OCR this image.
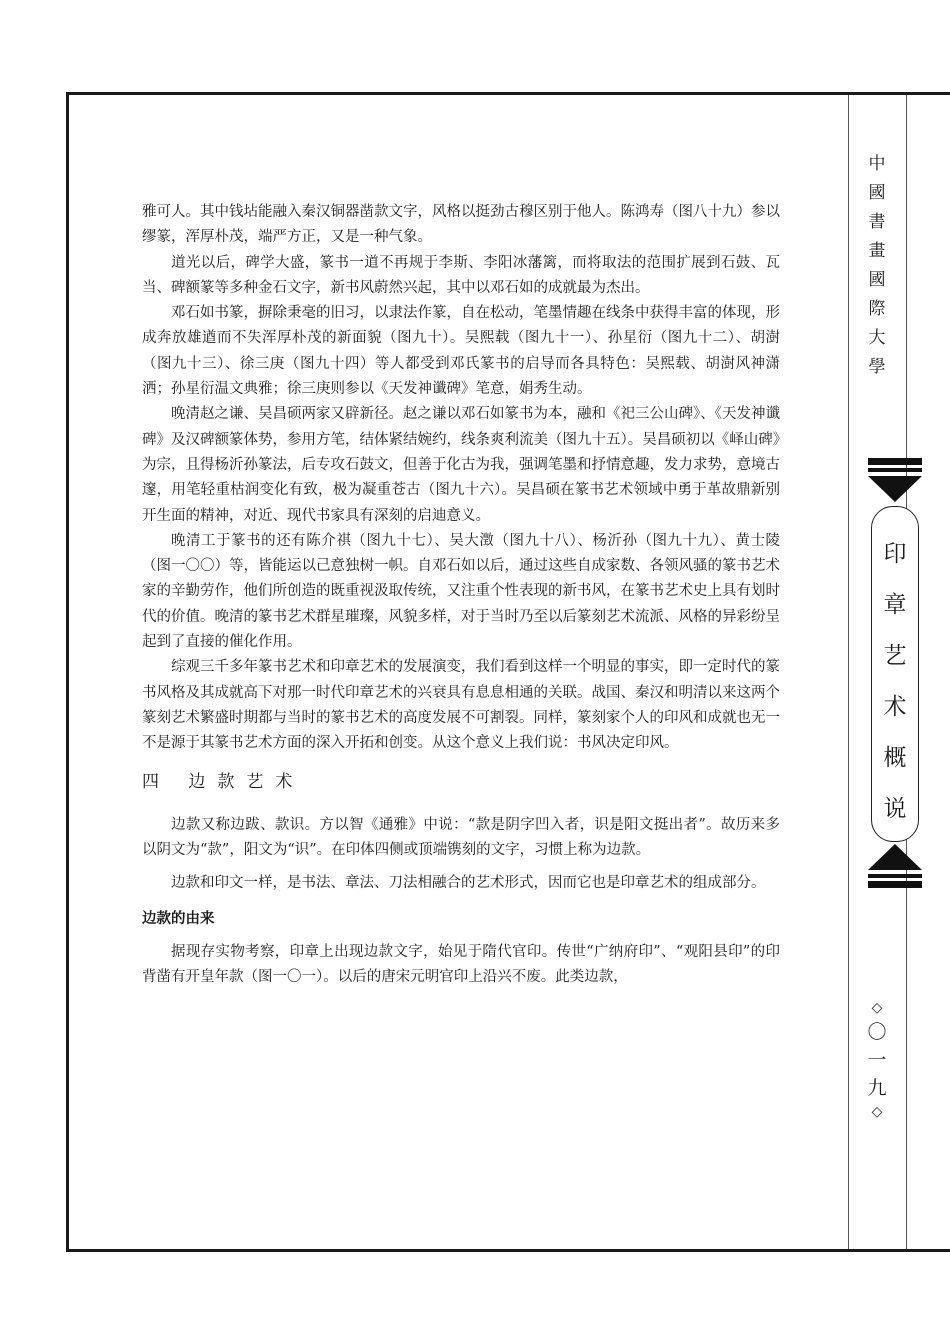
中
國
書
畫
國
際
大
學
印
章
艺
术
概
说
◇
〇
一
九
◇

雅可人。其中钱坫能融入秦汉铜器凿款文字，风格以挺劲古穆区别于他人。陈鸿寿（图八十九）参以缪篆，浑厚朴茂，端严方正，又是一种气象。

道光以后，碑学大盛，篆书一道不再规于李斯、李阳冰藩篱，而将取法的范围扩展到石鼓、瓦当、碑额篆等多种金石文字，新书风蔚然兴起，其中以邓石如的成就最为杰出。

邓石如书篆，摒除秉毫的旧习，以隶法作篆，自在松动，笔墨情趣在线条中获得丰富的体现，形成奔放雄遒而不失浑厚朴茂的新面貌（图九十）。吴熙载（图九十一）、孙星衍（图九十二）、胡澍（图九十三）、徐三庚（图九十四）等人都受到邓氏篆书的启导而各具特色：吴熙载、胡澍风神潇洒；孙星衍温文典雅；徐三庚则参以《天发神谶碑》笔意，娟秀生动。

晚清赵之谦、吴昌硕两家又辟新径。赵之谦以邓石如篆书为本，融和《祀三公山碑》、《天发神谶碑》及汉碑额篆体势，参用方笔，结体紧结婉约，线条爽利流美（图九十五）。吴昌硕初以《峄山碑》为宗，且得杨沂孙篆法，后专攻石鼓文，但善于化古为我，强调笔墨和抒情意趣，发力求势，意境古邃，用笔轻重枯润变化有致，极为凝重苍古（图九十六）。吴昌硕在篆书艺术领域中勇于革故鼎新别开生面的精神，对近、现代书家具有深刻的启迪意义。

晚清工于篆书的还有陈介祺（图九十七）、吴大澂（图九十八）、杨沂孙（图九十九）、黄士陵（图一〇〇）等，皆能运以己意独树一帜。自邓石如以后，通过这些自成家数、各领风骚的篆书艺术家的辛勤劳作，他们所创造的既重视汲取传统，又注重个性表现的新书风，在篆书艺术史上具有划时代的价值。晚清的篆书艺术群星璀璨，风貌多样，对于当时乃至以后篆刻艺术流派、风格的异彩纷呈起到了直接的催化作用。

综观三千多年篆书艺术和印章艺术的发展演变，我们看到这样一个明显的事实，即一定时代的篆书风格及其成就高下对那一时代印章艺术的兴衰具有息息相通的关联。战国、秦汉和明清以来这两个篆刻艺术繁盛时期都与当时的篆书艺术的高度发展不可割裂。同样，篆刻家个人的印风和成就也无一不是源于其篆书艺术方面的深入开拓和创变。从这个意义上我们说：书风决定印风。

四 边款艺术

边款又称边跋、款识。方以智《通雅》中说：“款是阴字凹入者，识是阳文挺出者”。故历来多以阴文为“款”，阳文为“识”。在印体四侧或顶端镌刻的文字，习惯上称为边款。

边款和印文一样，是书法、章法、刀法相融合的艺术形式，因而它也是印章艺术的组成部分。

边款的由来

据现存实物考察，印章上出现边款文字，始见于隋代官印。传世“广纳府印”、“观阳县印”的印背凿有开皇年款（图一〇一）。以后的唐宋元明官印上沿兴不废。此类边款，
